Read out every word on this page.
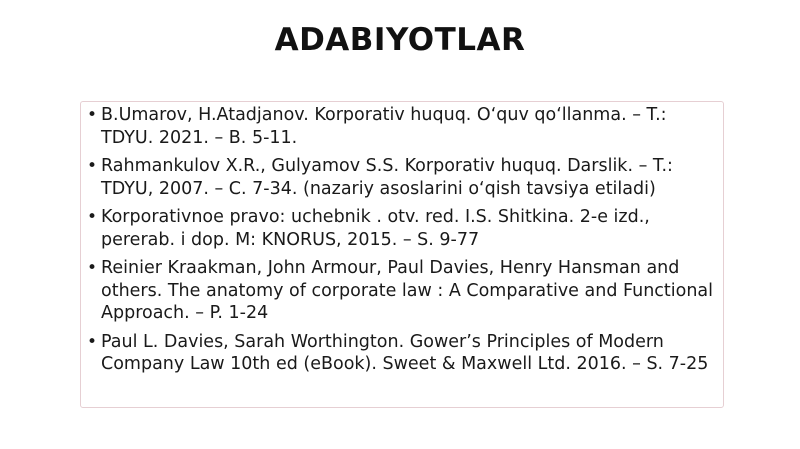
ADABIYOTLAR
• B.Umarov, H.Atadjanov. Korporativ huquq. O‘quv qo‘llanma. – T.: TDYU. 2021. – B. 5-11.
• Rahmankulov X.R., Gulyamov S.S. Korporativ huquq. Darslik. – T.: TDYU, 2007. – C. 7-34. (nazariy asoslarini o‘qish tavsiya etiladi)
• Korporativnoe pravo: uchebnik . otv. red. I.S. Shitkina. 2-e izd., pererab. i dop. M: KNORUS, 2015. – S. 9-77
• Reinier Kraakman, John Armour, Paul Davies, Henry Hansman and others. The anatomy of corporate law : A Comparative and Functional Approach. – P. 1-24
• Paul L. Davies, Sarah Worthington. Gower’s Principles of Modern Company Law 10th ed (eBook). Sweet & Maxwell Ltd. 2016. – S. 7-25
